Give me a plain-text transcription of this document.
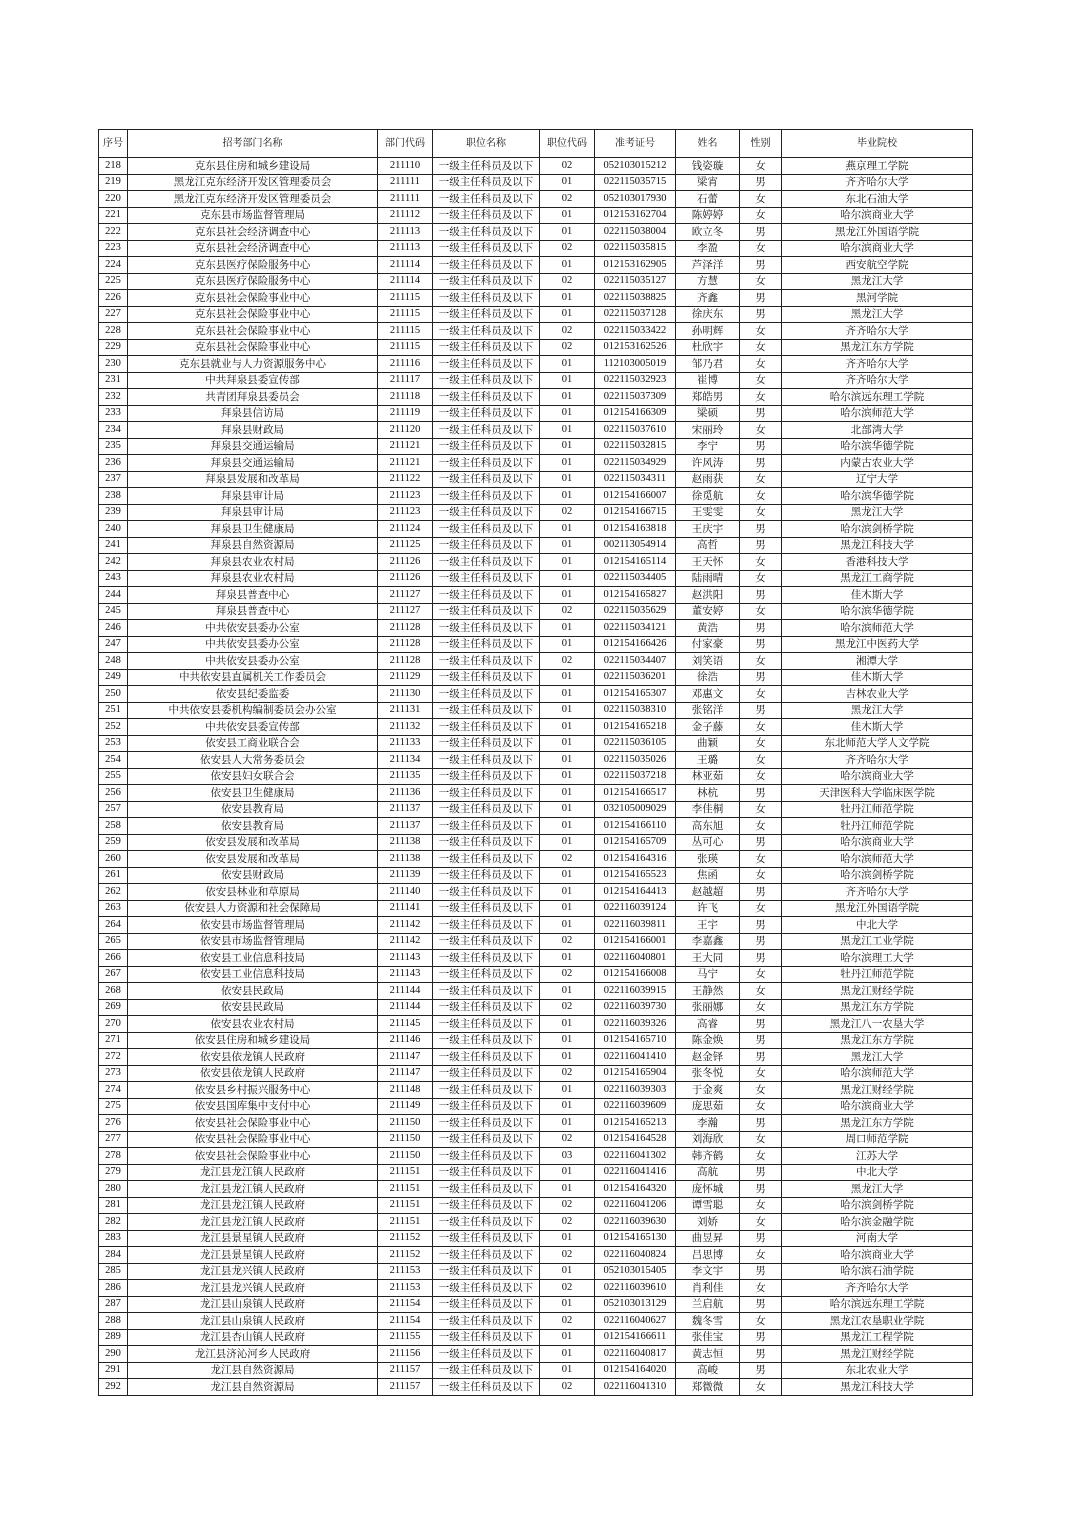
序号	招考部门名称	部门代码	职位名称	职位代码	准考证号	姓名	性别	毕业院校
218	克东县住房和城乡建设局	211110	一级主任科员及以下	02	052103015212	钱姿璇	女	燕京理工学院
219	黑龙江克东经济开发区管理委员会	211111	一级主任科员及以下	01	022115035715	梁宵	男	齐齐哈尔大学
220	黑龙江克东经济开发区管理委员会	211111	一级主任科员及以下	02	052103017930	石蕾	女	东北石油大学
221	克东县市场监督管理局	211112	一级主任科员及以下	01	012153162704	陈婷婷	女	哈尔滨商业大学
222	克东县社会经济调查中心	211113	一级主任科员及以下	01	022115038004	欧立冬	男	黑龙江外国语学院
223	克东县社会经济调查中心	211113	一级主任科员及以下	02	022115035815	李盈	女	哈尔滨商业大学
224	克东县医疗保险服务中心	211114	一级主任科员及以下	01	012153162905	芦泽洋	男	西安航空学院
225	克东县医疗保险服务中心	211114	一级主任科员及以下	02	022115035127	方慧	女	黑龙江大学
226	克东县社会保险事业中心	211115	一级主任科员及以下	01	022115038825	齐鑫	男	黑河学院
227	克东县社会保险事业中心	211115	一级主任科员及以下	01	022115037128	徐庆东	男	黑龙江大学
228	克东县社会保险事业中心	211115	一级主任科员及以下	02	022115033422	孙明辉	女	齐齐哈尔大学
229	克东县社会保险事业中心	211115	一级主任科员及以下	02	012153162526	杜欣宇	女	黑龙江东方学院
230	克东县就业与人力资源服务中心	211116	一级主任科员及以下	01	112103005019	邹乃君	女	齐齐哈尔大学
231	中共拜泉县委宣传部	211117	一级主任科员及以下	01	022115032923	崔博	女	齐齐哈尔大学
232	共青团拜泉县委员会	211118	一级主任科员及以下	01	022115037309	郑皓男	女	哈尔滨远东理工学院
233	拜泉县信访局	211119	一级主任科员及以下	01	012154166309	梁硕	男	哈尔滨师范大学
234	拜泉县财政局	211120	一级主任科员及以下	01	022115037610	宋丽玲	女	北部湾大学
235	拜泉县交通运输局	211121	一级主任科员及以下	01	022115032815	李宁	男	哈尔滨华德学院
236	拜泉县交通运输局	211121	一级主任科员及以下	01	022115034929	许风涛	男	内蒙古农业大学
237	拜泉县发展和改革局	211122	一级主任科员及以下	01	022115034311	赵雨获	女	辽宁大学
238	拜泉县审计局	211123	一级主任科员及以下	01	012154166007	徐觅航	女	哈尔滨华德学院
239	拜泉县审计局	211123	一级主任科员及以下	02	012154166715	王雯雯	女	黑龙江大学
240	拜泉县卫生健康局	211124	一级主任科员及以下	01	012154163818	王庆宇	男	哈尔滨剑桥学院
241	拜泉县自然资源局	211125	一级主任科员及以下	01	002113054914	高哲	男	黑龙江科技大学
242	拜泉县农业农村局	211126	一级主任科员及以下	01	012154165114	王天怀	女	香港科技大学
243	拜泉县农业农村局	211126	一级主任科员及以下	01	022115034405	陆雨晴	女	黑龙江工商学院
244	拜泉县普查中心	211127	一级主任科员及以下	01	012154165827	赵洪阳	男	佳木斯大学
245	拜泉县普查中心	211127	一级主任科员及以下	02	022115035629	董安婷	女	哈尔滨华德学院
246	中共依安县委办公室	211128	一级主任科员及以下	01	022115034121	黄浩	男	哈尔滨师范大学
247	中共依安县委办公室	211128	一级主任科员及以下	01	012154166426	付家豪	男	黑龙江中医药大学
248	中共依安县委办公室	211128	一级主任科员及以下	02	022115034407	刘笑语	女	湘潭大学
249	中共依安县直属机关工作委员会	211129	一级主任科员及以下	01	022115036201	徐浩	男	佳木斯大学
250	依安县纪委监委	211130	一级主任科员及以下	01	012154165307	邓惠文	女	吉林农业大学
251	中共依安县委机构编制委员会办公室	211131	一级主任科员及以下	01	022115038310	张铭洋	男	黑龙江大学
252	中共依安县委宣传部	211132	一级主任科员及以下	01	012154165218	金子藤	女	佳木斯大学
253	依安县工商业联合会	211133	一级主任科员及以下	01	022115036105	曲颖	女	东北师范大学人文学院
254	依安县人大常务委员会	211134	一级主任科员及以下	01	022115035026	王璐	女	齐齐哈尔大学
255	依安县妇女联合会	211135	一级主任科员及以下	01	022115037218	林亚茹	女	哈尔滨商业大学
256	依安县卫生健康局	211136	一级主任科员及以下	01	012154166517	林杭	男	天津医科大学临床医学院
257	依安县教育局	211137	一级主任科员及以下	01	032105009029	李佳桐	女	牡丹江师范学院
258	依安县教育局	211137	一级主任科员及以下	01	012154166110	高东旭	女	牡丹江师范学院
259	依安县发展和改革局	211138	一级主任科员及以下	01	012154165709	丛可心	男	哈尔滨商业大学
260	依安县发展和改革局	211138	一级主任科员及以下	02	012154164316	张瑛	女	哈尔滨师范大学
261	依安县财政局	211139	一级主任科员及以下	01	012154165523	焦函	女	哈尔滨剑桥学院
262	依安县林业和草原局	211140	一级主任科员及以下	01	012154164413	赵越超	男	齐齐哈尔大学
263	依安县人力资源和社会保障局	211141	一级主任科员及以下	01	022116039124	许飞	女	黑龙江外国语学院
264	依安县市场监督管理局	211142	一级主任科员及以下	01	022116039811	王宇	男	中北大学
265	依安县市场监督管理局	211142	一级主任科员及以下	02	012154166001	李嘉鑫	男	黑龙江工业学院
266	依安县工业信息科技局	211143	一级主任科员及以下	01	022116040801	王大同	男	哈尔滨理工大学
267	依安县工业信息科技局	211143	一级主任科员及以下	02	012154166008	马宁	女	牡丹江师范学院
268	依安县民政局	211144	一级主任科员及以下	01	022116039915	王静然	女	黑龙江财经学院
269	依安县民政局	211144	一级主任科员及以下	02	022116039730	张丽娜	女	黑龙江东方学院
270	依安县农业农村局	211145	一级主任科员及以下	01	022116039326	高睿	男	黑龙江八一农垦大学
271	依安县住房和城乡建设局	211146	一级主任科员及以下	01	012154165710	陈金焕	男	黑龙江东方学院
272	依安县依龙镇人民政府	211147	一级主任科员及以下	01	022116041410	赵金铎	男	黑龙江大学
273	依安县依龙镇人民政府	211147	一级主任科员及以下	02	012154165904	张冬悦	女	哈尔滨师范大学
274	依安县乡村振兴服务中心	211148	一级主任科员及以下	01	022116039303	于金爽	女	黑龙江财经学院
275	依安县国库集中支付中心	211149	一级主任科员及以下	01	022116039609	庞思茹	女	哈尔滨商业大学
276	依安县社会保险事业中心	211150	一级主任科员及以下	01	012154165213	李瀚	男	黑龙江东方学院
277	依安县社会保险事业中心	211150	一级主任科员及以下	02	012154164528	刘海欣	女	周口师范学院
278	依安县社会保险事业中心	211150	一级主任科员及以下	03	022116041302	韩齐鹤	女	江苏大学
279	龙江县龙江镇人民政府	211151	一级主任科员及以下	01	022116041416	高航	男	中北大学
280	龙江县龙江镇人民政府	211151	一级主任科员及以下	01	012154164320	庞怀城	男	黑龙江大学
281	龙江县龙江镇人民政府	211151	一级主任科员及以下	02	022116041206	谭雪聪	女	哈尔滨剑桥学院
282	龙江县龙江镇人民政府	211151	一级主任科员及以下	02	022116039630	刘娇	女	哈尔滨金融学院
283	龙江县景星镇人民政府	211152	一级主任科员及以下	01	012154165130	曲昱昇	男	河南大学
284	龙江县景星镇人民政府	211152	一级主任科员及以下	02	022116040824	吕思博	女	哈尔滨商业大学
285	龙江县龙兴镇人民政府	211153	一级主任科员及以下	01	052103015405	李文宇	男	哈尔滨石油学院
286	龙江县龙兴镇人民政府	211153	一级主任科员及以下	02	022116039610	肖利佳	女	齐齐哈尔大学
287	龙江县山泉镇人民政府	211154	一级主任科员及以下	01	052103013129	兰启航	男	哈尔滨远东理工学院
288	龙江县山泉镇人民政府	211154	一级主任科员及以下	02	022116040627	魏冬雪	女	黑龙江农垦职业学院
289	龙江县杏山镇人民政府	211155	一级主任科员及以下	01	012154166611	张佳宝	男	黑龙江工程学院
290	龙江县济沁河乡人民政府	211156	一级主任科员及以下	01	022116040817	黄志恒	男	黑龙江财经学院
291	龙江县自然资源局	211157	一级主任科员及以下	01	012154164020	高峻	男	东北农业大学
292	龙江县自然资源局	211157	一级主任科员及以下	02	022116041310	郑微微	女	黑龙江科技大学
